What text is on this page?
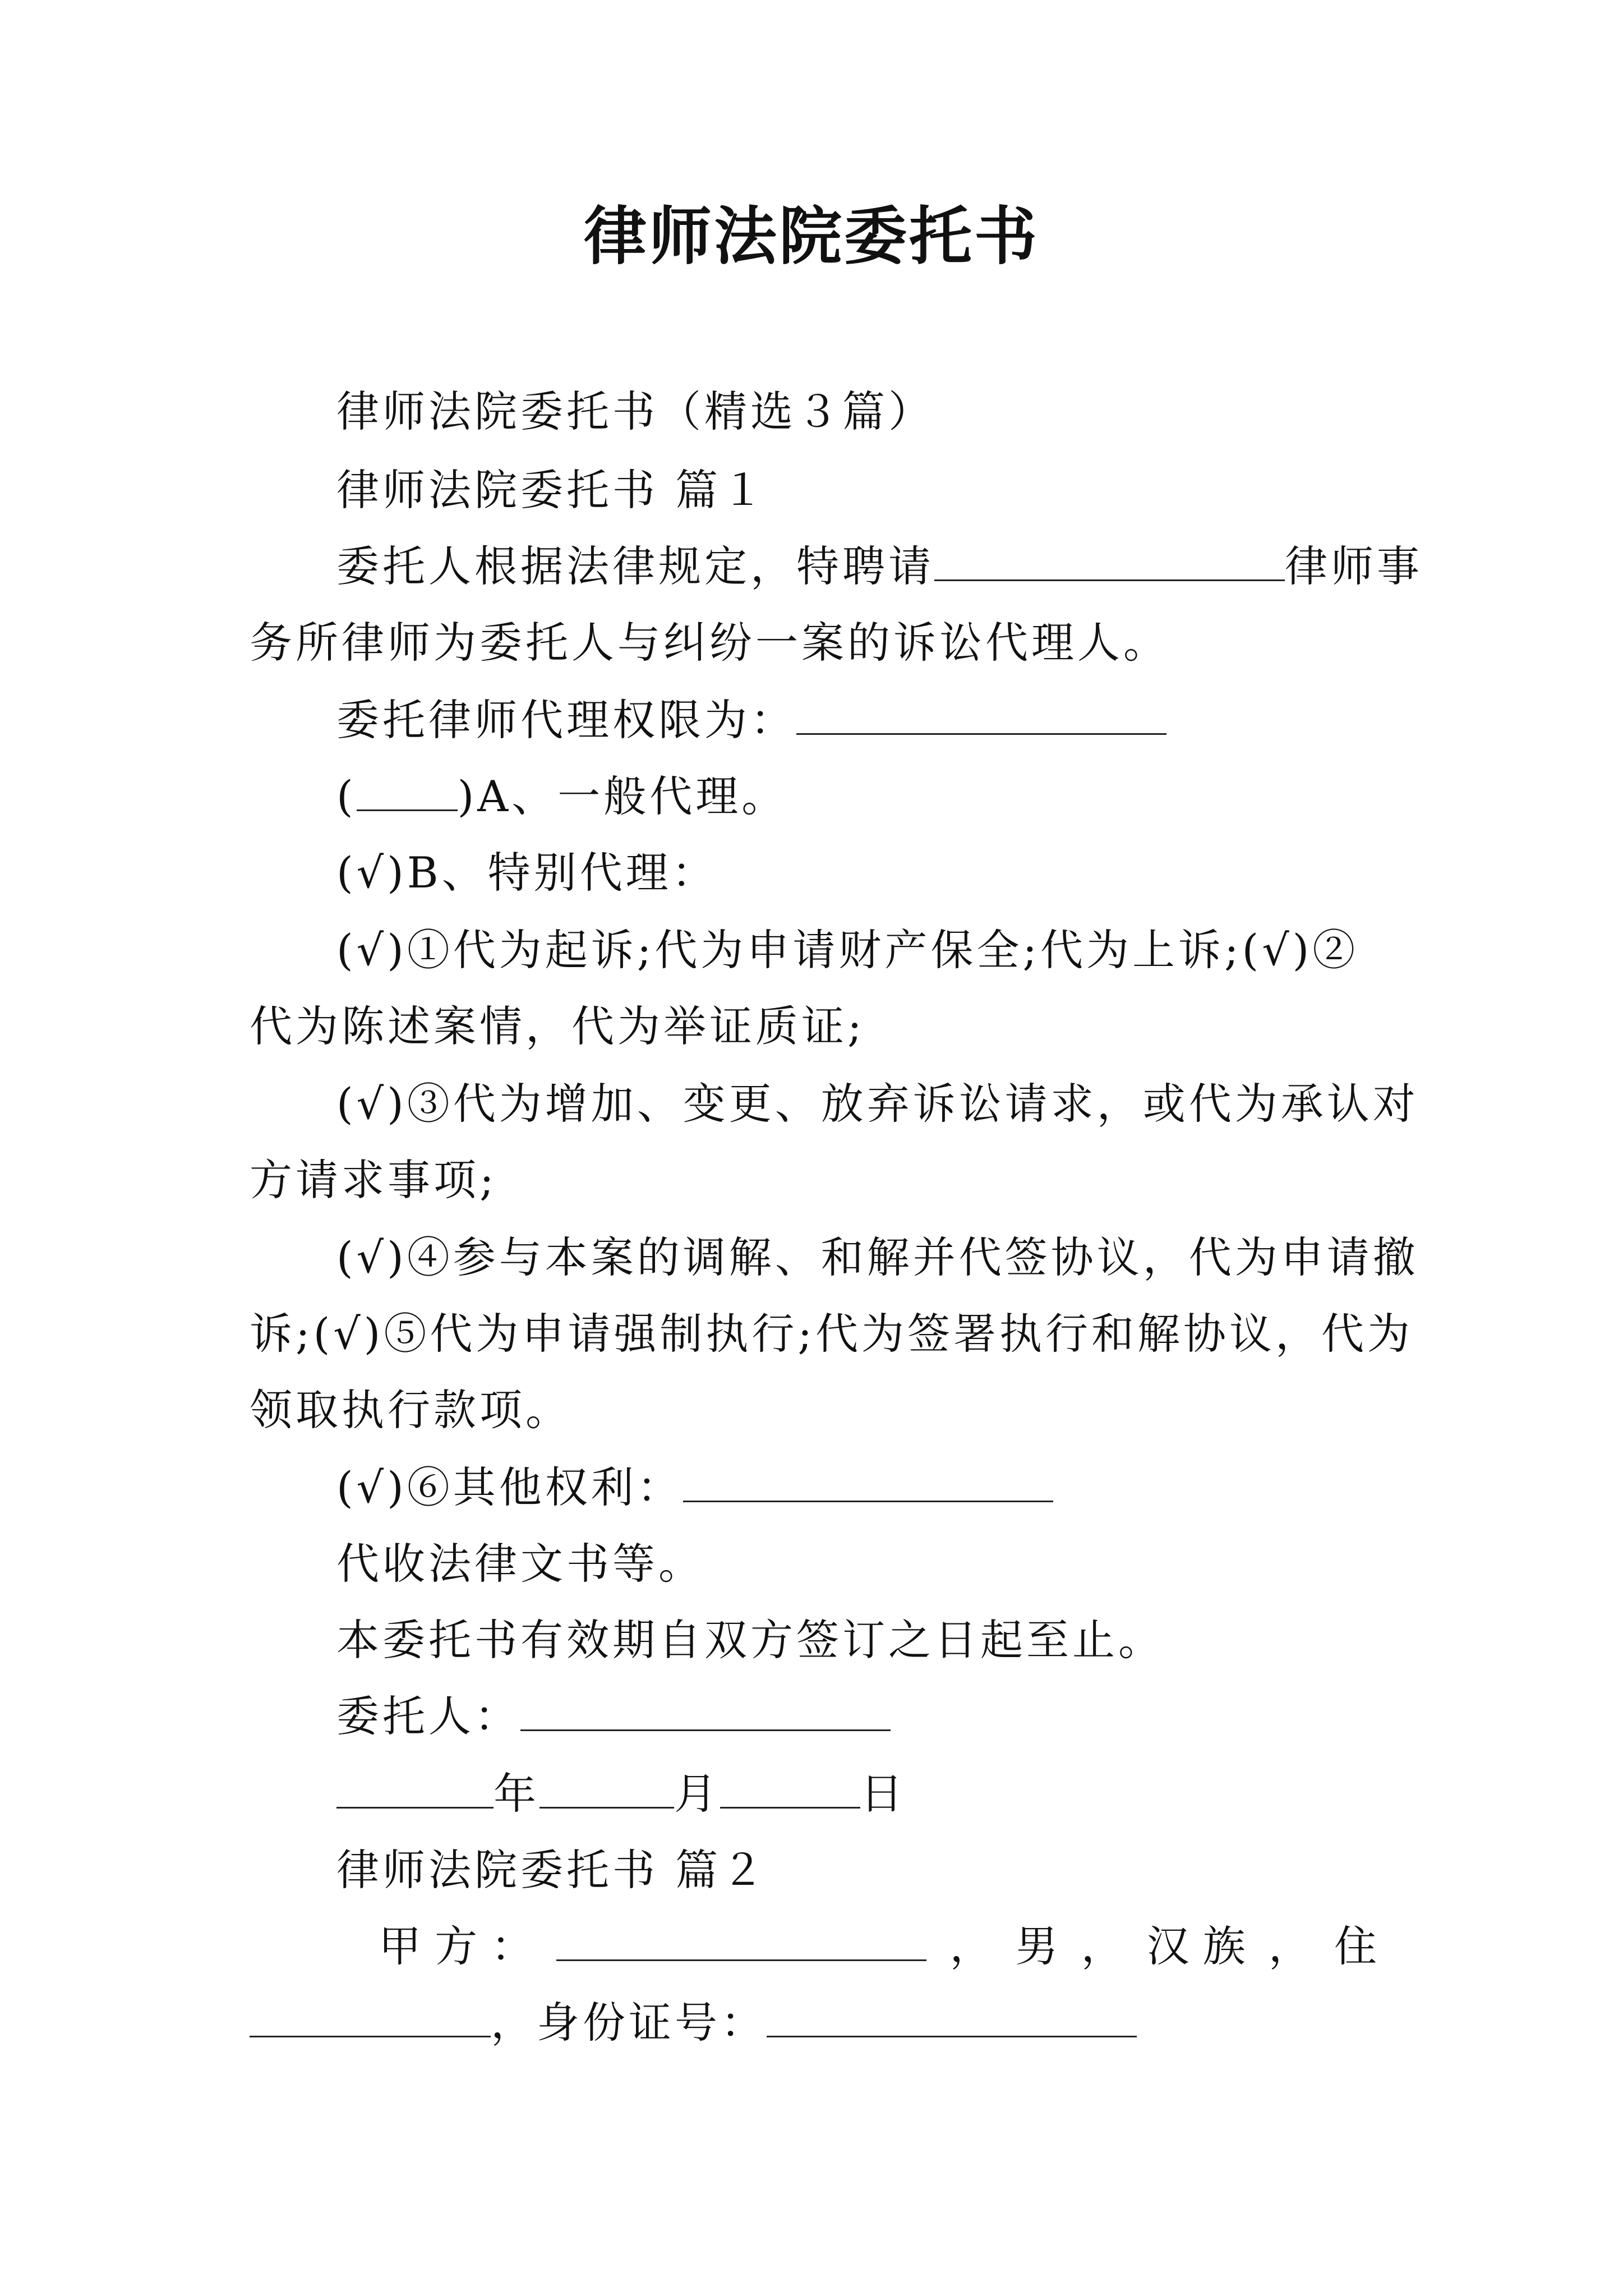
律师法院委托书
律师法院委托书（精选３篇）
律师法院委托书 篇１
委托人根据法律规定，特聘请	律师事
务所律师为委托人与纠纷一案的诉讼代理人。
委托律师代理权限为：
( )A、一般代理。
(√)B、特别代理：
(√)①代为起诉;代为申请财产保全;代为上诉;(√)②
代为陈述案情，代为举证质证;
(√)③代为增加、变更、放弃诉讼请求，或代为承认对
方请求事项;
(√)④参与本案的调解、和解并代签协议，代为申请撤
诉;(√)⑤代为申请强制执行;代为签署执行和解协议，代为
领取执行款项。
(√)⑥其他权利：
代收法律文书等。
本委托书有效期自双方签订之日起至止。
委托人：
年	月	日
律师法院委托书 篇２
甲 方 ：	， 男 ， 汉 族 ， 住
，身份证号：
